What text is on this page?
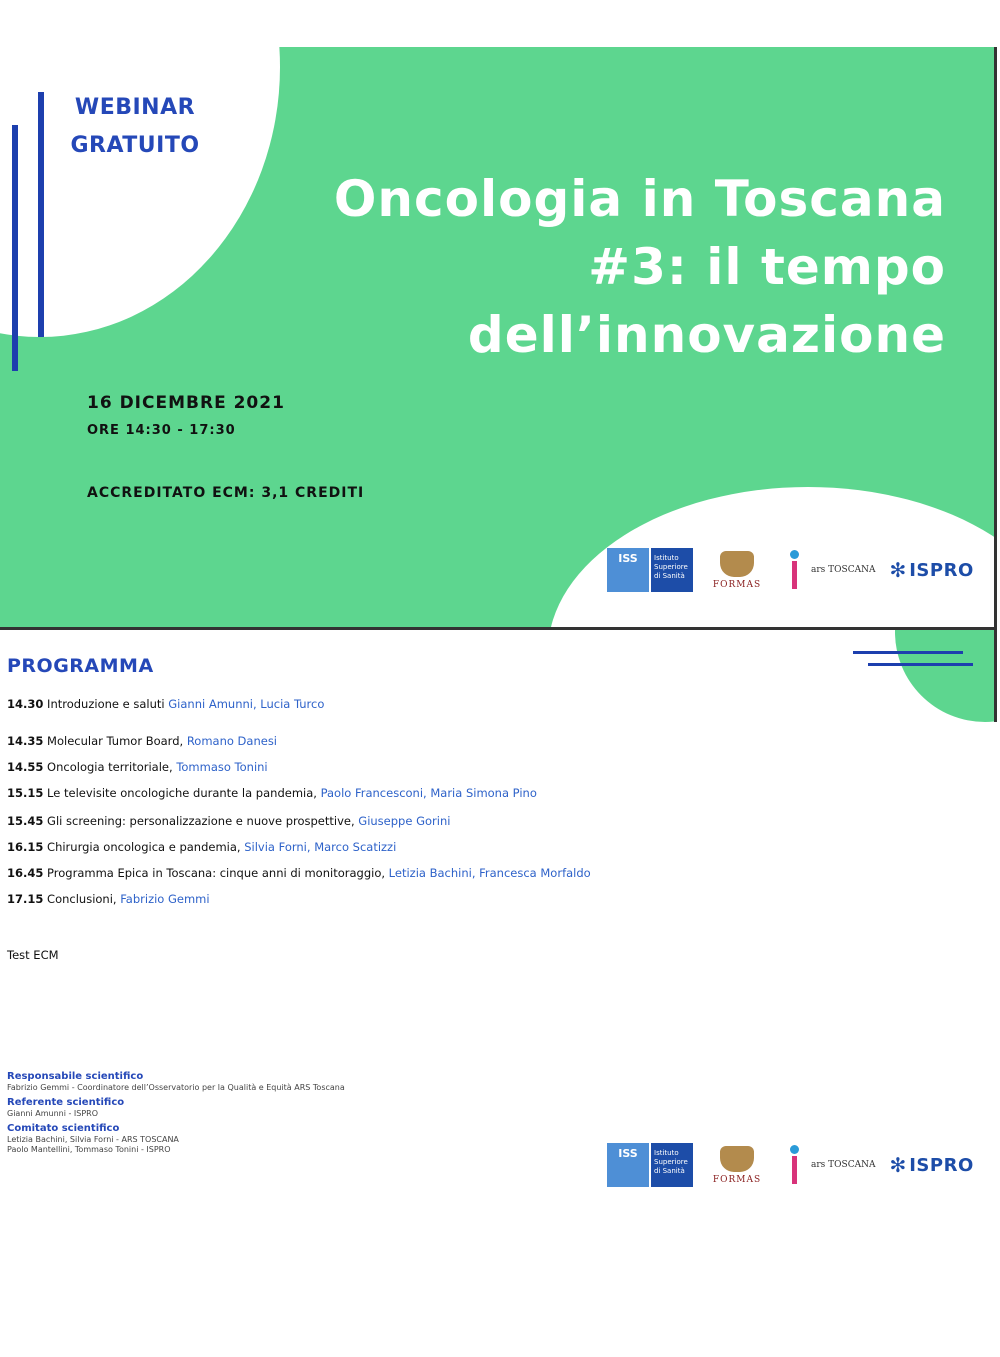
WEBINAR
GRATUITO
Oncologia in Toscana
#3: il tempo
dell’innovazione
16 DICEMBRE 2021
ORE 14:30 - 17:30
ACCREDITATO ECM: 3,1 CREDITI
ISS	Istituto Superiore di Sanità
FORMAS
ars TOSCANA ✻ ISPRO
PROGRAMMA
14.30 Introduzione e saluti Gianni Amunni, Lucia Turco
14.35 Molecular Tumor Board, Romano Danesi
14.55 Oncologia territoriale, Tommaso Tonini
15.15 Le televisite oncologiche durante la pandemia, Paolo Francesconi, Maria Simona Pino
15.45 Gli screening: personalizzazione e nuove prospettive, Giuseppe Gorini
16.15 Chirurgia oncologica e pandemia, Silvia Forni, Marco Scatizzi
16.45 Programma Epica in Toscana: cinque anni di monitoraggio, Letizia Bachini, Francesca Morfaldo
17.15 Conclusioni, Fabrizio Gemmi
Test ECM
Responsabile scientifico
Fabrizio Gemmi - Coordinatore dell’Osservatorio per la Qualità e Equità ARS Toscana
Referente scientifico
Gianni Amunni - ISPRO
Comitato scientifico
Letizia Bachini, Silvia Forni - ARS TOSCANA
Paolo Mantellini, Tommaso Tonini - ISPRO	ISS	Istituto Superiore di Sanità
FORMAS
ars TOSCANA ✻ ISPRO
